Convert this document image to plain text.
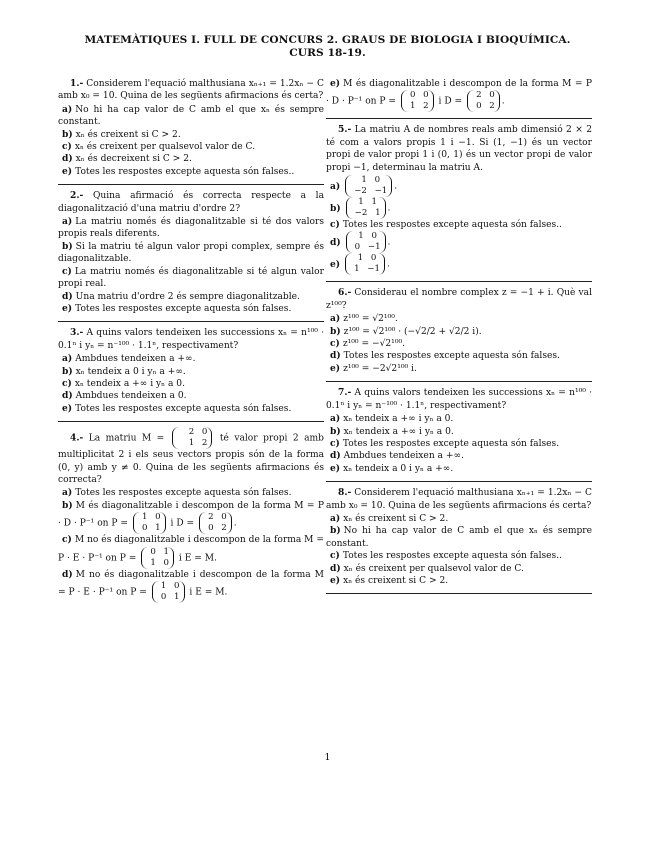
MATEMÀTIQUES I. FULL DE CONCURS 2. GRAUS DE BIOLOGIA I BIOQUÍMICA.
CURS 18-19.

1.- Considerem l'equació malthusiana xₙ₊₁ = 1.2xₙ − C amb x₀ = 10. Quina de les següents afirmacions és certa?

a) No hi ha cap valor de C amb el que xₙ és sempre constant.

b) xₙ és creixent si C > 2.

c) xₙ és creixent per qualsevol valor de C.

d) xₙ és decreixent si C > 2.

e) Totes les respostes excepte aquesta són falses..

2.- Quina afirmació és correcta respecte a la diagonalització d'una matriu d'ordre 2?

a) La matriu només és diagonalitzable si té dos valors propis reals diferents.

b) Si la matriu té algun valor propi complex, sempre és diagonalitzable.

c) La matriu només és diagonalitzable si té algun valor propi real.

d) Una matriu d'ordre 2 és sempre diagonalitzable.

e) Totes les respostes excepte aquesta són falses.

3.- A quins valors tendeixen les successions xₙ = n¹⁰⁰ · 0.1ⁿ i yₙ = n⁻¹⁰⁰ · 1.1ⁿ, respectivament?

a) Ambdues tendeixen a +∞.

b) xₙ tendeix a 0 i yₙ a +∞.

c) xₙ tendeix a +∞ i yₙ a 0.

d) Ambdues tendeixen a 0.

e) Totes les respostes excepte aquesta són falses.

4.- La matriu M =
2 0
1 2 té valor propi 2 amb multiplicitat 2 i els seus vectors propis són de la forma (0, y) amb y ≠ 0. Quina de les següents afirmacions és correcta?

a) Totes les respostes excepte aquesta són falses.

b) M és diagonalitzable i descompon de la forma M = P · D · P⁻¹ on P =
1 0
0 1 i D =
2 0
0 2 .

c) M no és diagonalitzable i descompon de la forma M = P · E · P⁻¹ on P =
0 1
1 0 i E = M.

d) M no és diagonalitzable i descompon de la forma M = P · E · P⁻¹ on P =
1 0
0 1 i E = M.

e) M és diagonalitzable i descompon de la forma M = P · D · P⁻¹ on P =
0 0
1 2 i D =
2 0
0 2 .

5.- La matriu A de nombres reals amb dimensió 2 × 2 té com a valors propis 1 i −1. Si (1, −1) és un vector propi de valor propi 1 i (0, 1) és un vector propi de valor propi −1, determinau la matriu A.

a)
1 0
−2 −1 .

b)
1 1
−2 1 .

c) Totes les respostes excepte aquesta són falses..

d)
1 0
0 −1 .

e)
1 0
1 −1 .

6.- Considerau el nombre complex z = −1 + i. Què val z¹⁰⁰?

a) z¹⁰⁰ = √2¹⁰⁰.

b) z¹⁰⁰ = √2¹⁰⁰ · (−√2/2 + √2/2 i).

c) z¹⁰⁰ = −√2¹⁰⁰.

d) Totes les respostes excepte aquesta són falses.

e) z¹⁰⁰ = −2√2¹⁰⁰ i.

7.- A quins valors tendeixen les successions xₙ = n¹⁰⁰ · 0.1ⁿ i yₙ = n⁻¹⁰⁰ · 1.1ⁿ, respectivament?

a) xₙ tendeix a +∞ i yₙ a 0.

b) xₙ tendeix a +∞ i yₙ a 0.

c) Totes les respostes excepte aquesta són falses.

d) Ambdues tendeixen a +∞.

e) xₙ tendeix a 0 i yₙ a +∞.

8.- Considerem l'equació malthusiana xₙ₊₁ = 1.2xₙ − C amb x₀ = 10. Quina de les següents afirmacions és certa?

a) xₙ és creixent si C > 2.

b) No hi ha cap valor de C amb el que xₙ és sempre constant.

c) Totes les respostes excepte aquesta són falses..

d) xₙ és creixent per qualsevol valor de C.

e) xₙ és creixent si C > 2.

1
